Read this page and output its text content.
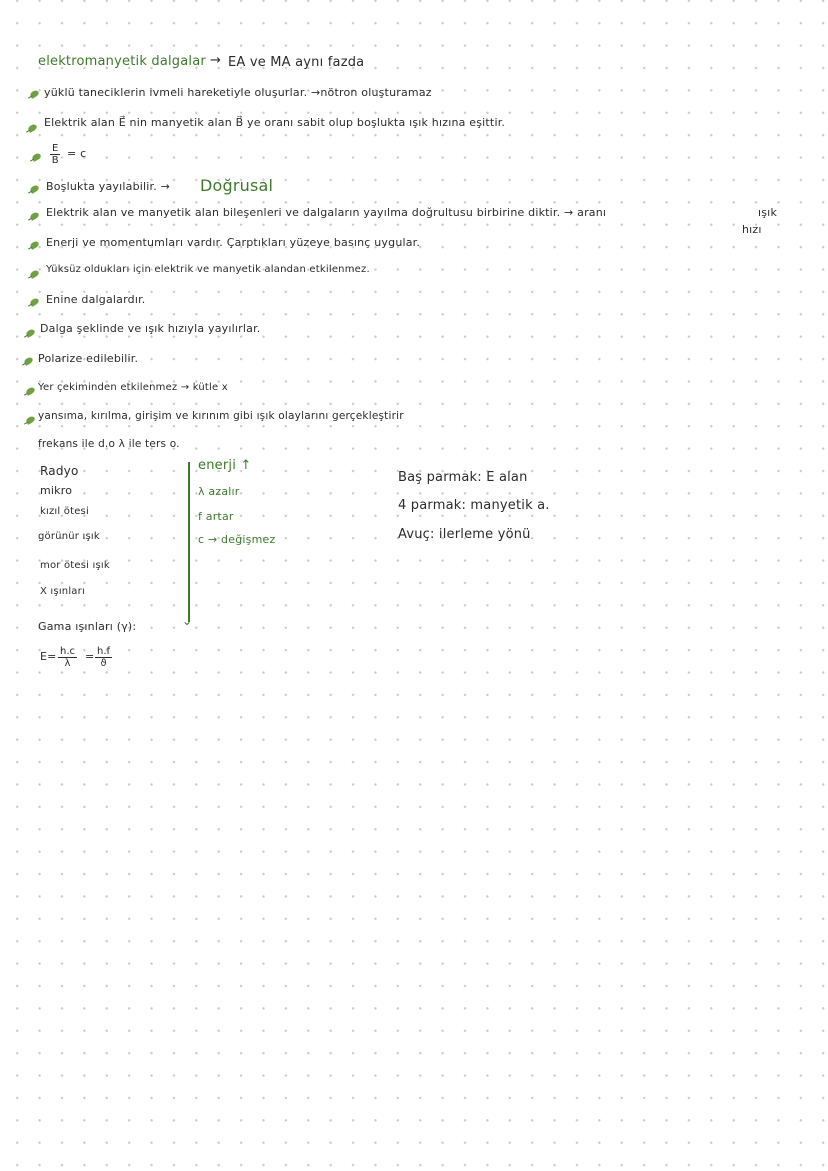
elektromanyetik dalgalar → EA ve MA aynı fazda
yüklü taneciklerin ivmeli hareketiyle oluşurlar. →nötron oluşturamaz
Elektrik alan E⃗ nin manyetik alan B⃗ ye oranı sabit olup boşlukta ışık hızına eşittir.
$\frac{E}{B} = c$
Boşlukta yayılabilir. → Doğrusal
Elektrik alan ve manyetik alan bileşenleri ve dalgaların yayılma doğrultusu birbirine diktir. → aranı	ışık
hızı
Enerji ve momentumları vardır. Çarptıkları yüzeye basınç uygular.
Yüksüz oldukları için elektrik ve manyetik alandan etkilenmez.
Enine dalgalardır.
Dalga şeklinde ve ışık hızıyla yayılırlar.
Polarize edilebilir.
Yer çekiminden etkilenmez → kütle x
yansıma, kırılma, girişim ve kırınım gibi ışık olaylarını gerçekleştirir
frekans ile d.o λ ile ters o.
Radyo
mikro
kızıl ötesi
görünür ışık
mor ötesi ışık
X ışınları
Gama ışınları (γ):	⌄
enerji ↑
λ azalır
f artar
c → değişmez
Baş parmak: E alan
4 parmak: manyetik a.
Avuç: ilerleme yönü
$E= \frac{h.c}{\lambda} = \frac{h.f}{ϑ}$
